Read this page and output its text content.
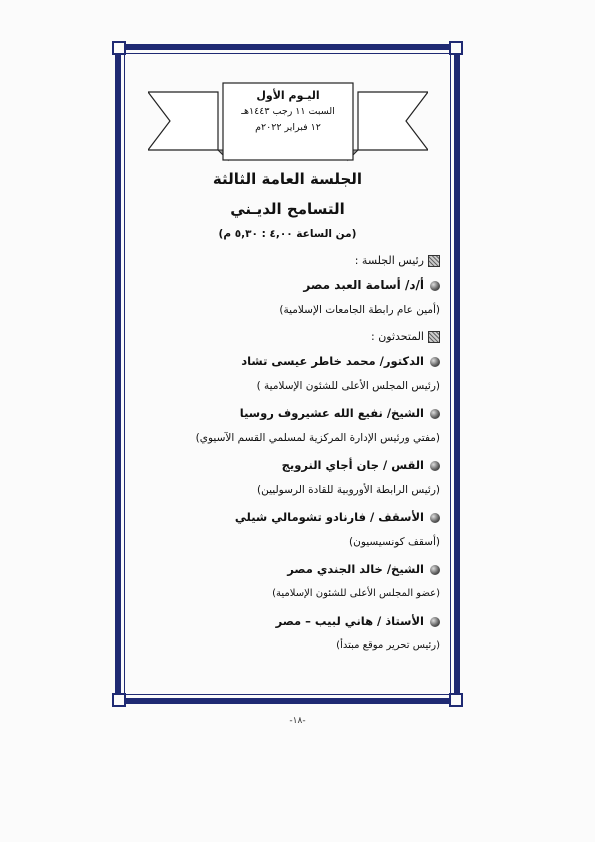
اليـوم الأول
السبت ١١ رجب ١٤٤٣هـ
١٢ فبراير ٢٠٢٢م
الجلسة العامة الثالثة
التسامح الديـني
(من الساعة ٤,٠٠ : ٥,٣٠ م)
رئيس الجلسة :
أ/د/ أسامة العبد مصر
(أمين عام رابطة الجامعات الإسلامية)
المتحدثون :
الدكتور/ محمد خاطر عيسى تشاد
(رئيس المجلس الأعلى للشئون الإسلامية )
الشيخ/ نفيع الله عشيروف روسيا
(مفتي ورئيس الإدارة المركزية لمسلمي القسم الآسيوي)
القس / جان أجاي النرويج
(رئيس الرابطة الأوروبية للقادة الرسوليين)
الأسقف / فارنادو تشومالي شيلي
(أسقف كونسيسيون)
الشيخ/ خالد الجندي مصر
(عضو المجلس الأعلى للشئون الإسلامية)
الأستاذ / هاني لبيب – مصر
(رئيس تحرير موقع مبتدأ)
-١٨-
